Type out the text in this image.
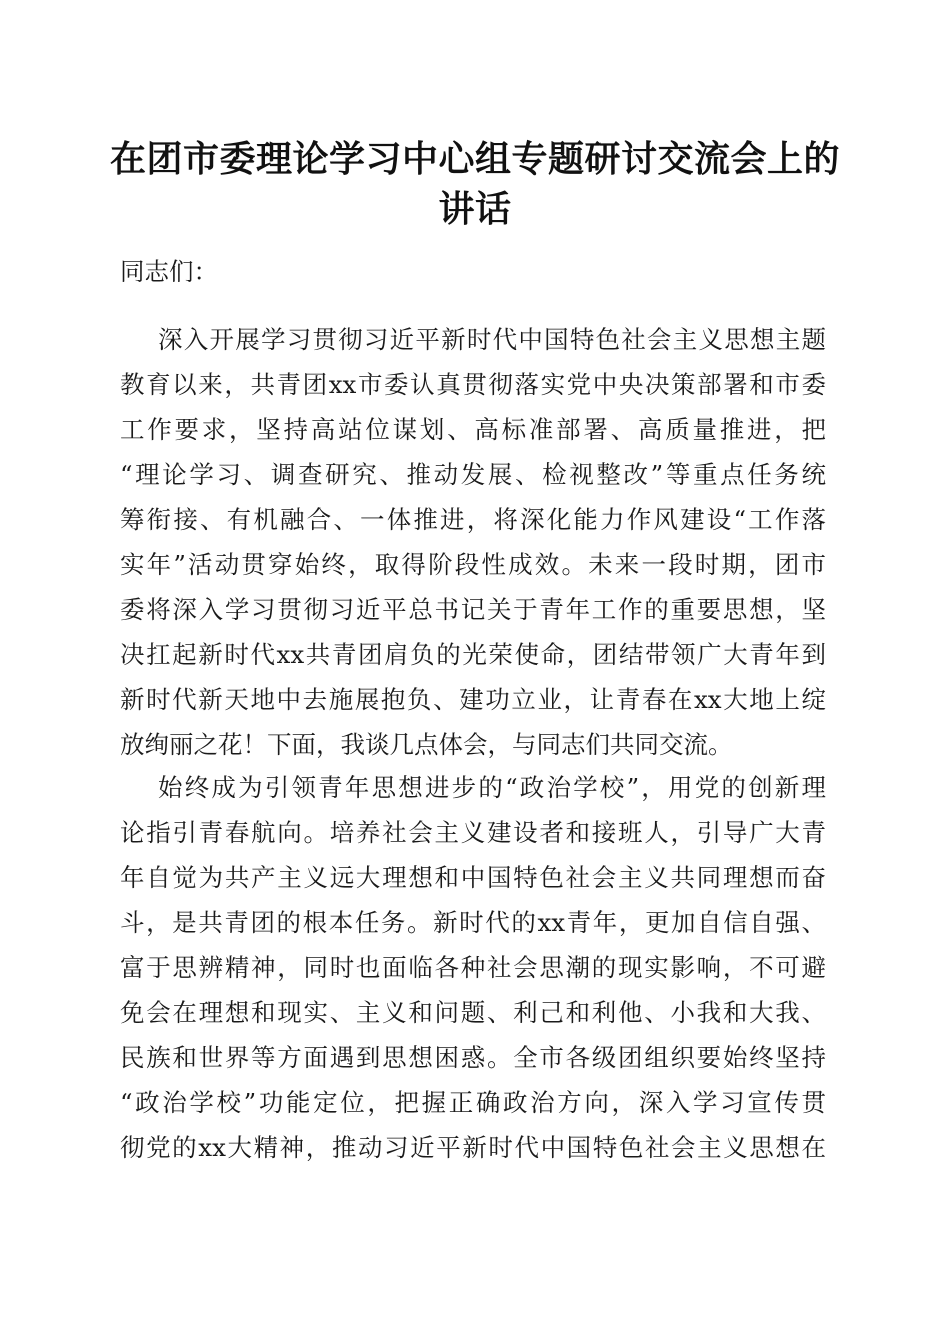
在团市委理论学习中心组专题研讨交流会上的
讲话

同志们：

深入开展学习贯彻习近平新时代中国特色社会主义思想主题

教育以来，共青团xx市委认真贯彻落实党中央决策部署和市委

工作要求，坚持高站位谋划、高标准部署、高质量推进，把

“理论学习、调查研究、推动发展、检视整改”等重点任务统

筹衔接、有机融合、一体推进，将深化能力作风建设“工作落

实年”活动贯穿始终，取得阶段性成效。未来一段时期，团市

委将深入学习贯彻习近平总书记关于青年工作的重要思想，坚

决扛起新时代xx共青团肩负的光荣使命，团结带领广大青年到

新时代新天地中去施展抱负、建功立业，让青春在xx大地上绽

放绚丽之花！下面，我谈几点体会，与同志们共同交流。

始终成为引领青年思想进步的“政治学校”，用党的创新理

论指引青春航向。培养社会主义建设者和接班人，引导广大青

年自觉为共产主义远大理想和中国特色社会主义共同理想而奋

斗，是共青团的根本任务。新时代的xx青年，更加自信自强、

富于思辨精神，同时也面临各种社会思潮的现实影响，不可避

免会在理想和现实、主义和问题、利己和利他、小我和大我、

民族和世界等方面遇到思想困惑。全市各级团组织要始终坚持

“政治学校”功能定位，把握正确政治方向，深入学习宣传贯

彻党的xx大精神，推动习近平新时代中国特色社会主义思想在
